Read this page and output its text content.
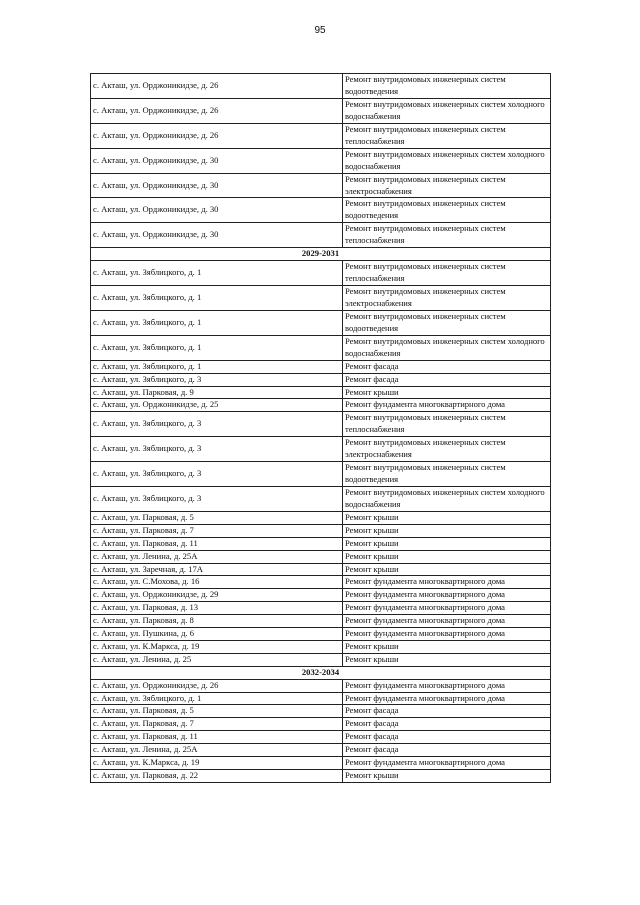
95
с. Акташ, ул. Орджоникидзе, д. 26	Ремонт внутридомовых инженерных систем водоотведения
с. Акташ, ул. Орджоникидзе, д. 26	Ремонт внутридомовых инженерных систем холодного водоснабжения
с. Акташ, ул. Орджоникидзе, д. 26	Ремонт внутридомовых инженерных систем теплоснабжения
с. Акташ, ул. Орджоникидзе, д. 30	Ремонт внутридомовых инженерных систем холодного водоснабжения
с. Акташ, ул. Орджоникидзе, д. 30	Ремонт внутридомовых инженерных систем электроснабжения
с. Акташ, ул. Орджоникидзе, д. 30	Ремонт внутридомовых инженерных систем водоотведения
с. Акташ, ул. Орджоникидзе, д. 30	Ремонт внутридомовых инженерных систем теплоснабжения
2029-2031	
с. Акташ, ул. Зяблицкого, д. 1	Ремонт внутридомовых инженерных систем теплоснабжения
с. Акташ, ул. Зяблицкого, д. 1	Ремонт внутридомовых инженерных систем электроснабжения
с. Акташ, ул. Зяблицкого, д. 1	Ремонт внутридомовых инженерных систем водоотведения
с. Акташ, ул. Зяблицкого, д. 1	Ремонт внутридомовых инженерных систем холодного водоснабжения
с. Акташ, ул. Зяблицкого, д. 1	Ремонт фасада
с. Акташ, ул. Зяблицкого, д. 3	Ремонт фасада
с. Акташ, ул. Парковая, д. 9	Ремонт крыши
с. Акташ, ул. Орджоникидзе, д. 25	Ремонт фундамента многоквартирного дома
с. Акташ, ул. Зяблицкого, д. 3	Ремонт внутридомовых инженерных систем теплоснабжения
с. Акташ, ул. Зяблицкого, д. 3	Ремонт внутридомовых инженерных систем электроснабжения
с. Акташ, ул. Зяблицкого, д. 3	Ремонт внутридомовых инженерных систем водоотведения
с. Акташ, ул. Зяблицкого, д. 3	Ремонт внутридомовых инженерных систем холодного водоснабжения
с. Акташ, ул. Парковая, д. 5	Ремонт крыши
с. Акташ, ул. Парковая, д. 7	Ремонт крыши
с. Акташ, ул. Парковая, д. 11	Ремонт крыши
с. Акташ, ул. Ленина, д. 25А	Ремонт крыши
с. Акташ, ул. Заречная, д. 17А	Ремонт крыши
с. Акташ, ул. С.Мохова, д. 16	Ремонт фундамента многоквартирного дома
с. Акташ, ул. Орджоникидзе, д. 29	Ремонт фундамента многоквартирного дома
с. Акташ, ул. Парковая, д. 13	Ремонт фундамента многоквартирного дома
с. Акташ, ул. Парковая, д. 8	Ремонт фундамента многоквартирного дома
с. Акташ, ул. Пушкина, д. 6	Ремонт фундамента многоквартирного дома
с. Акташ, ул. К.Маркса, д. 19	Ремонт крыши
с. Акташ, ул. Ленина, д. 25	Ремонт крыши
2032-2034	
с. Акташ, ул. Орджоникидзе, д. 26	Ремонт фундамента многоквартирного дома
с. Акташ, ул. Зяблицкого, д. 1	Ремонт фундамента многоквартирного дома
с. Акташ, ул. Парковая, д. 5	Ремонт фасада
с. Акташ, ул. Парковая, д. 7	Ремонт фасада
с. Акташ, ул. Парковая, д. 11	Ремонт фасада
с. Акташ, ул. Ленина, д. 25А	Ремонт фасада
с. Акташ, ул. К.Маркса, д. 19	Ремонт фундамента многоквартирного дома
с. Акташ, ул. Парковая, д. 22	Ремонт крыши
